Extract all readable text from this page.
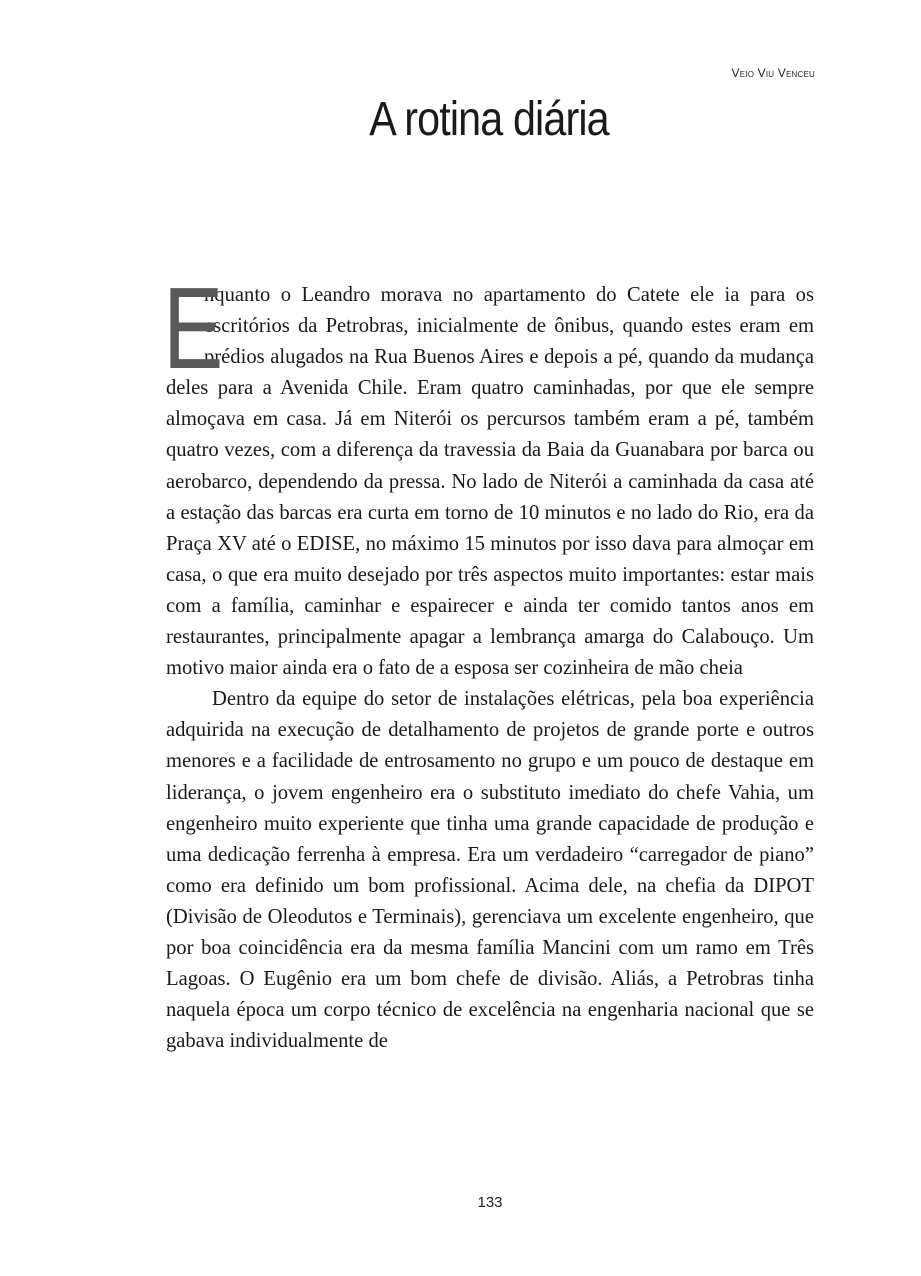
Veio Viu Venceu
A rotina diária

E
nquanto o Leandro morava no apartamento do Catete ele ia para os escritórios da Petrobras, inicialmente de ônibus, quando estes eram em prédios alugados na Rua Buenos Aires e depois a pé, quando da mudança deles para a Avenida Chile. Eram quatro caminhadas, por que ele sempre almoçava em casa. Já em Niterói os percursos também eram a pé, também quatro vezes, com a diferença da travessia da Baia da Guanabara por barca ou aerobarco, dependendo da pressa. No lado de Niterói a caminhada da casa até a estação das barcas era curta em torno de 10 minutos e no lado do Rio, era da Praça XV até o EDISE, no máximo 15 minutos por isso dava para almoçar em casa, o que era muito desejado por três aspectos muito importantes: estar mais com a família, caminhar e espairecer e ainda ter comido tantos anos em restaurantes, principalmente apagar a lembrança amarga do Calabouço. Um motivo maior ainda era o fato de a esposa ser cozinheira de mão cheia

Dentro da equipe do setor de instalações elétricas, pela boa experiência adquirida na execução de detalhamento de projetos de grande porte e outros menores e a facilidade de entrosamento no grupo e um pouco de destaque em liderança, o jovem engenheiro era o substituto imediato do chefe Vahia, um engenheiro muito experiente que tinha uma grande capacidade de produção e uma dedicação ferrenha à empresa. Era um verdadeiro “carregador de piano” como era definido um bom profissional. Acima dele, na chefia da DIPOT (Divisão de Oleodutos e Terminais), gerenciava um excelente engenheiro, que por boa coincidência era da mesma família Mancini com um ramo em Três Lagoas. O Eugênio era um bom chefe de divisão. Aliás, a Petrobras tinha naquela época um corpo técnico de excelência na engenharia nacional que se gabava individualmente de

133
